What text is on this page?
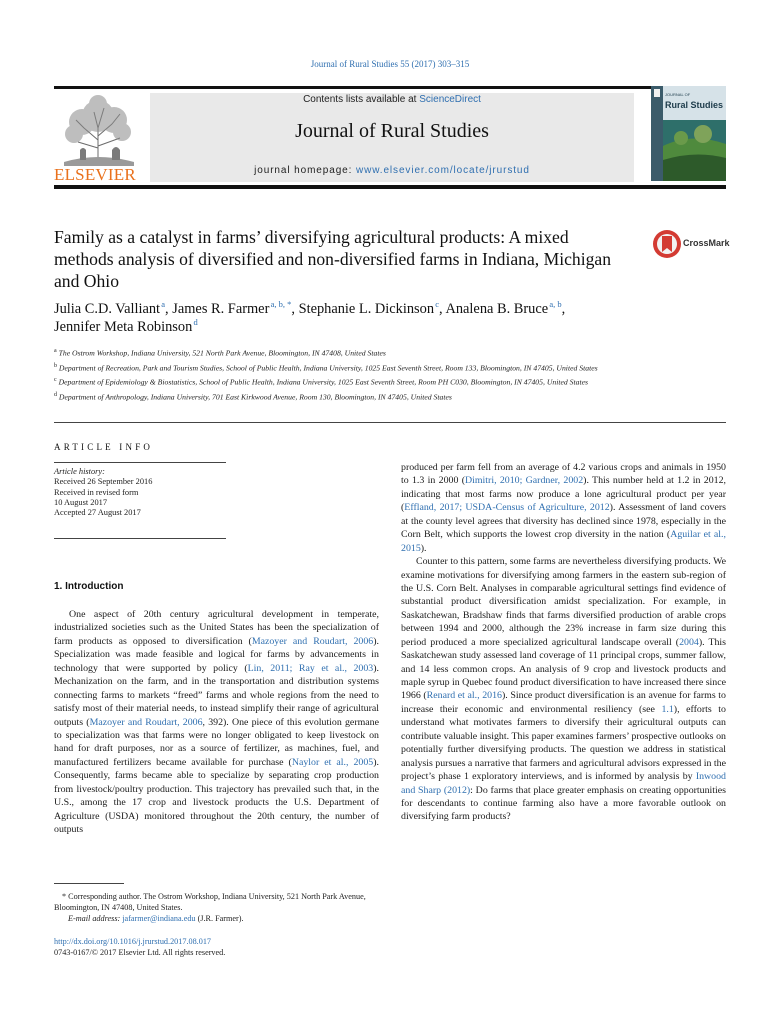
Journal of Rural Studies 55 (2017) 303–315
ELSEVIER
Contents lists available at ScienceDirect
Journal of Rural Studies
journal homepage: www.elsevier.com/locate/jrurstud
JOURNAL OF
Rural Studies
Family as a catalyst in farms’ diversifying agricultural products: A mixed methods analysis of diversified and non-diversified farms in Indiana, Michigan and Ohio
CrossMark
Julia C.D. Valliant $^a$, James R. Farmer $^{a, b, *}$, Stephanie L. Dickinson $^c$, Analena B. Bruce $^{a, b}$,
Jennifer Meta Robinson $^d$
$^a$ The Ostrom Workshop, Indiana University, 521 North Park Avenue, Bloomington, IN 47408, United States
$^b$ Department of Recreation, Park and Tourism Studies, School of Public Health, Indiana University, 1025 East Seventh Street, Room 133, Bloomington, IN 47405, United States
$^c$ Department of Epidemiology & Biostatistics, School of Public Health, Indiana University, 1025 East Seventh Street, Room PH C030, Bloomington, IN 47405, United States
$^d$ Department of Anthropology, Indiana University, 701 East Kirkwood Avenue, Room 130, Bloomington, IN 47405, United States
ARTICLE INFO
Article history:
Received 26 September 2016
Received in revised form
10 August 2017
Accepted 27 August 2017
1. Introduction

One aspect of 20th century agricultural development in temperate, industrialized societies such as the United States has been the specialization of farm products as opposed to diversification (Mazoyer and Roudart, 2006). Specialization was made feasible and logical for farms by advancements in technology that were supported by policy (Lin, 2011; Ray et al., 2003). Mechanization on the farm, and in the transportation and distribution systems connecting farms to markets “freed” farms and whole regions from the need to satisfy most of their material needs, to instead simplify their range of agricultural outputs (Mazoyer and Roudart, 2006, 392). One piece of this evolution germane to specialization was that farms were no longer obligated to keep livestock on hand for draft purposes, nor as a source of fertilizer, as machines, fuel, and manufactured fertilizers became available for purchase (Naylor et al., 2005). Consequently, farms became able to specialize by separating crop production from livestock/poultry production. This trajectory has prevailed such that, in the U.S., among the 17 crop and livestock products the U.S. Department of Agriculture (USDA) monitored throughout the 20th century, the number of outputs

produced per farm fell from an average of 4.2 various crops and animals in 1950 to 1.3 in 2000 (Dimitri, 2010; Gardner, 2002). This number held at 1.2 in 2012, indicating that most farms now produce a lone agricultural product per year (Effland, 2017; USDA-Census of Agriculture, 2012). Assessment of land covers at the county level agrees that diversity has declined since 1978, especially in the Corn Belt, which supports the lowest crop diversity in the nation (Aguilar et al., 2015).

Counter to this pattern, some farms are nevertheless diversifying products. We examine motivations for diversifying among farmers in the eastern sub-region of the U.S. Corn Belt. Analyses in comparable agricultural settings find evidence of substantial product diversification amidst specialization. For example, in Saskatchewan, Bradshaw finds that farms diversified production of arable crops between 1994 and 2000, although the 23% increase in farm size during this period produced a more specialized agricultural landscape overall (2004). This Saskatchewan study assessed land coverage of 11 principal crops, summer fallow, and 14 less common crops. An analysis of 9 crop and livestock products and maple syrup in Quebec found product diversification to have increased there since 1966 (Renard et al., 2016). Since product diversification is an avenue for farms to increase their economic and environmental resiliency (see 1.1), efforts to understand what motivates farmers to diversify their agricultural outputs can contribute valuable insight. This paper examines farmers’ prospective outlooks on potentially further diversifying products. The question we address in statistical analysis pursues a narrative that farmers and agricultural advisors expressed in the project’s phase 1 exploratory interviews, and is informed by analysis by Inwood and Sharp (2012): Do farms that place greater emphasis on creating opportunities for descendants to continue farming also have a more favorable outlook on diversifying farm products?

* Corresponding author. The Ostrom Workshop, Indiana University, 521 North Park Avenue, Bloomington, IN 47408, United States.
E-mail address: jafarmer@indiana.edu (J.R. Farmer).
http://dx.doi.org/10.1016/j.jrurstud.2017.08.017
0743-0167/© 2017 Elsevier Ltd. All rights reserved.
